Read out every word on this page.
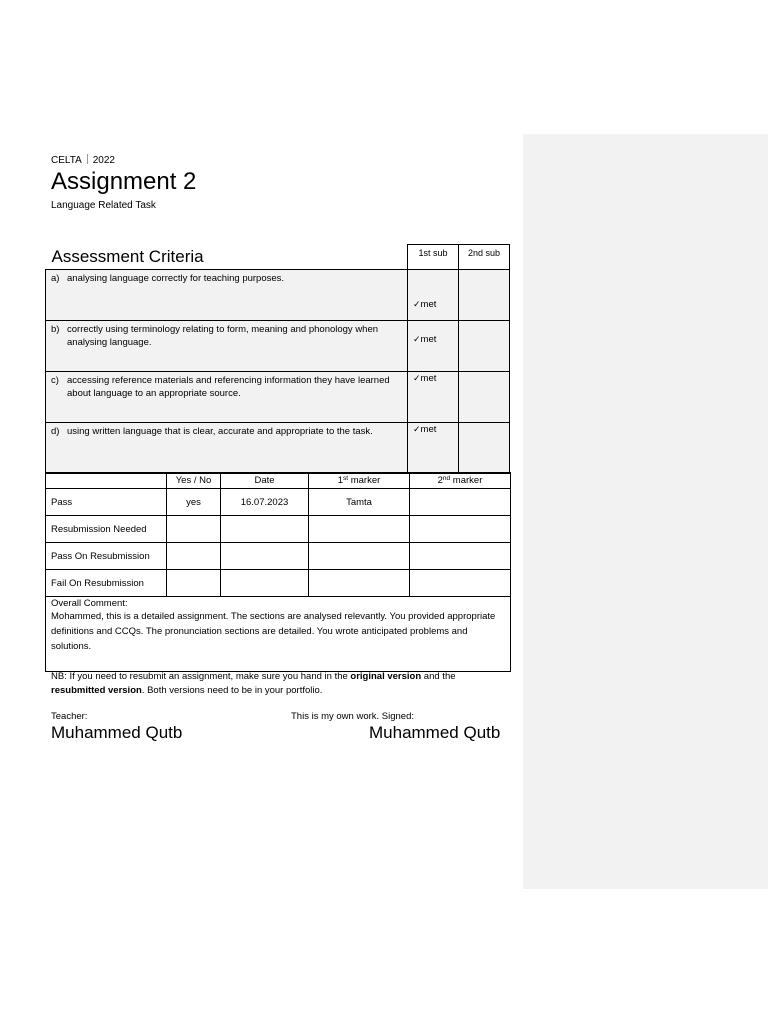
CELTA 2022
Assignment 2
Language Related Task
Assessment Criteria	1st sub	2nd sub

a) analysing language correctly for teaching purposes.	✓met	

b) correctly using terminology relating to form, meaning and phonology when analysing language.	✓met	

c) accessing reference materials and referencing information they have learned about language to an appropriate source.	✓met	

d) using written language that is clear, accurate and appropriate to the task.	✓met	
	Yes / No	Date	1st marker	2nd marker
Pass	yes	16.07.2023	Tamta	
Resubmission Needed				
Pass On Resubmission				
Fail On Resubmission				

Overall Comment:
Mohammed, this is a detailed assignment. The sections are analysed relevantly. You provided appropriate definitions and CCQs. The pronunciation sections are detailed. You wrote anticipated problems and solutions.				
NB: If you need to resubmit an assignment, make sure you hand in the original version and the resubmitted version. Both versions need to be in your portfolio.
Teacher:	This is my own work. Signed:
Muhammed Qutb	Muhammed Qutb
